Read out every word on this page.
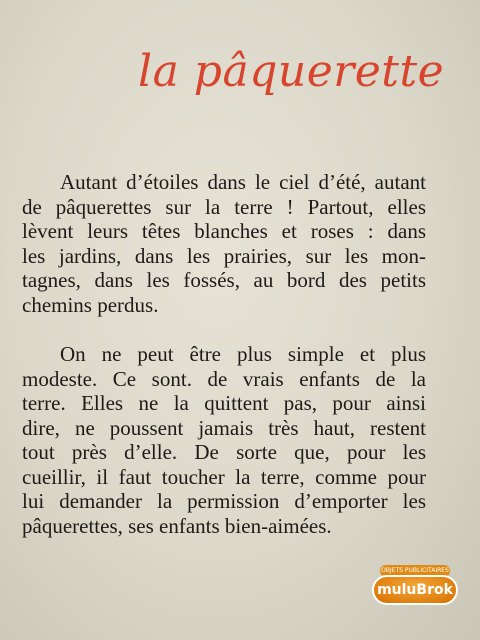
la pâquerette

Autant d’étoiles dans le ciel d’été, autant
de pâquerettes sur la terre ! Partout, elles
lèvent leurs têtes blanches et roses : dans
les jardins, dans les prairies, sur les mon-
tagnes, dans les fossés, au bord des petits
chemins perdus.

On ne peut être plus simple et plus
modeste. Ce sont. de vrais enfants de la
terre. Elles ne la quittent pas, pour ainsi
dire, ne poussent jamais très haut, restent
tout près d’elle. De sorte que, pour les
cueillir, il faut toucher la terre, comme pour
lui demander la permission d’emporter les
pâquerettes, ses enfants bien-aimées.

OBJETS PUBLICITAIRES
muluBrok
